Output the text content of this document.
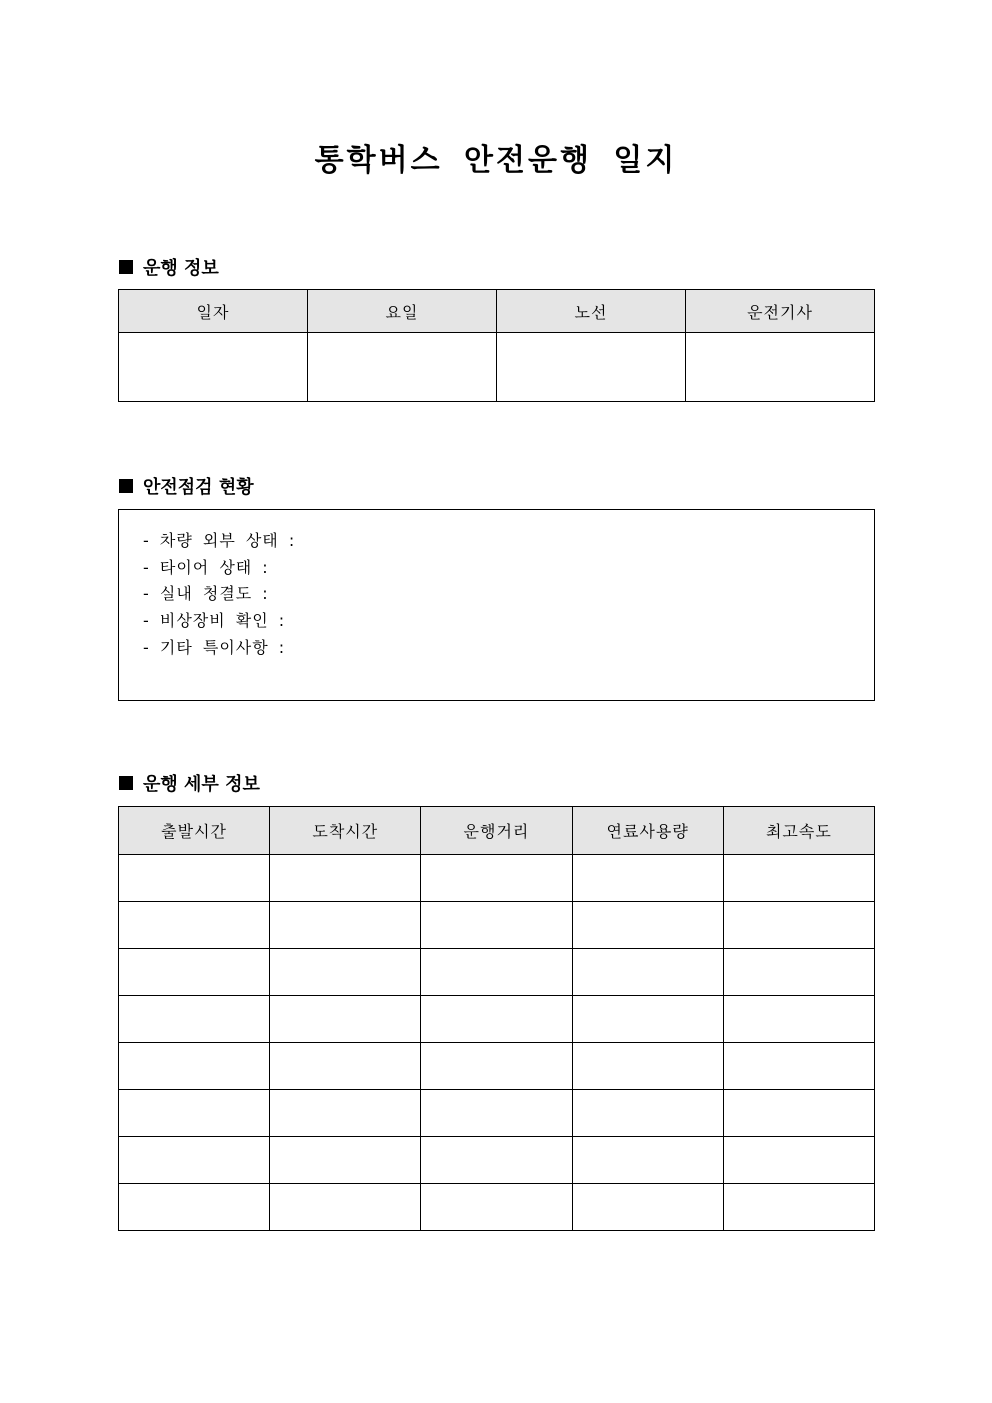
통학버스 안전운행 일지
운행 정보
일자	요일	노선	운전기사

안전점검 현황
- 차량 외부 상태 :
- 타이어 상태 :
- 실내 청결도 :
- 비상장비 확인 :
- 기타 특이사항 :
운행 세부 정보
출발시간	도착시간	운행거리	연료사용량	최고속도
